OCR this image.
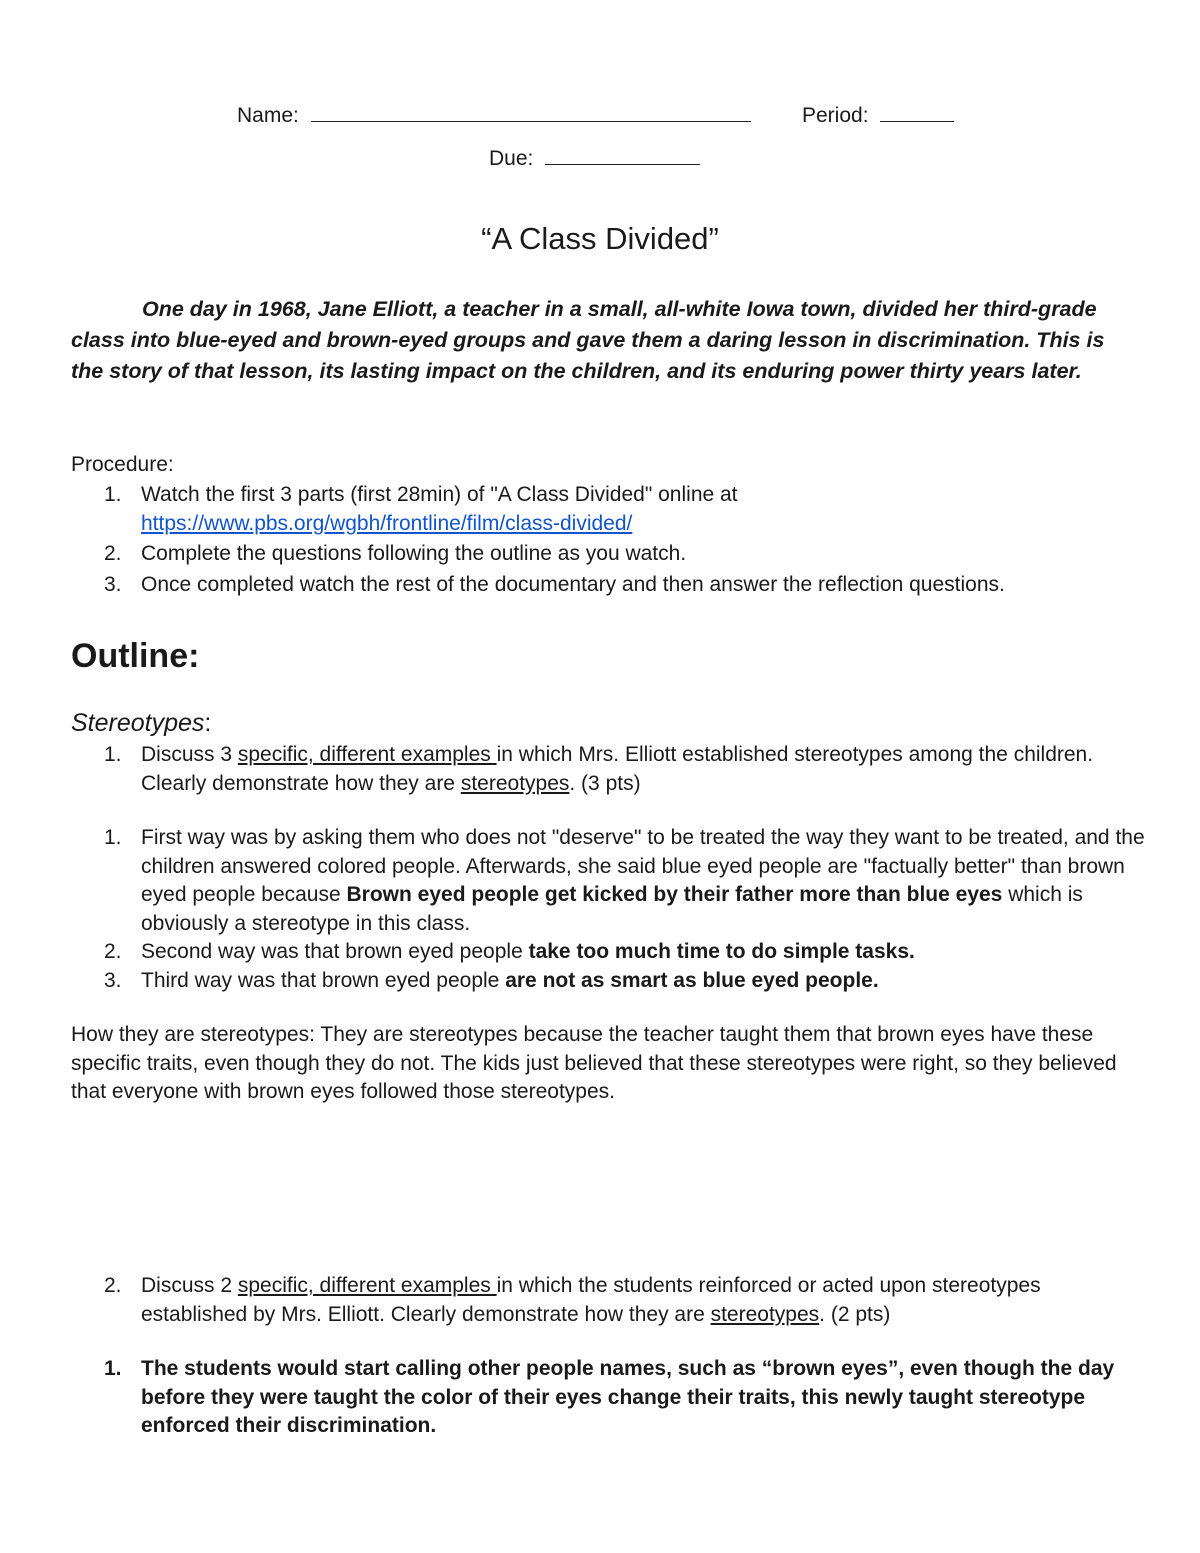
Name:	Period:
Due:
“A Class Divided”
One day in 1968, Jane Elliott, a teacher in a small, all-white Iowa town, divided her third-grade class into blue-eyed and brown-eyed groups and gave them a daring lesson in discrimination. This is the story of that lesson, its lasting impact on the children, and its enduring power thirty years later.
Procedure:
1. Watch the first 3 parts (first 28min) of "A Class Divided" online at
https://www.pbs.org/wgbh/frontline/film/class-divided/
2. Complete the questions following the outline as you watch.
3. Once completed watch the rest of the documentary and then answer the reflection questions.
Outline:
Stereotypes:
1. Discuss 3 specific, different examples in which Mrs. Elliott established stereotypes among the children. Clearly demonstrate how they are stereotypes. (3 pts)
1. First way was by asking them who does not "deserve" to be treated the way they want to be treated, and the children answered colored people. Afterwards, she said blue eyed people are "factually better" than brown eyed people because Brown eyed people get kicked by their father more than blue eyes which is obviously a stereotype in this class.
2. Second way was that brown eyed people take too much time to do simple tasks.
3. Third way was that brown eyed people are not as smart as blue eyed people.
How they are stereotypes: They are stereotypes because the teacher taught them that brown eyes have these specific traits, even though they do not. The kids just believed that these stereotypes were right, so they believed that everyone with brown eyes followed those stereotypes.
2. Discuss 2 specific, different examples in which the students reinforced or acted upon stereotypes established by Mrs. Elliott. Clearly demonstrate how they are stereotypes. (2 pts)
1. The students would start calling other people names, such as “brown eyes”, even though the day before they were taught the color of their eyes change their traits, this newly taught stereotype enforced their discrimination.
